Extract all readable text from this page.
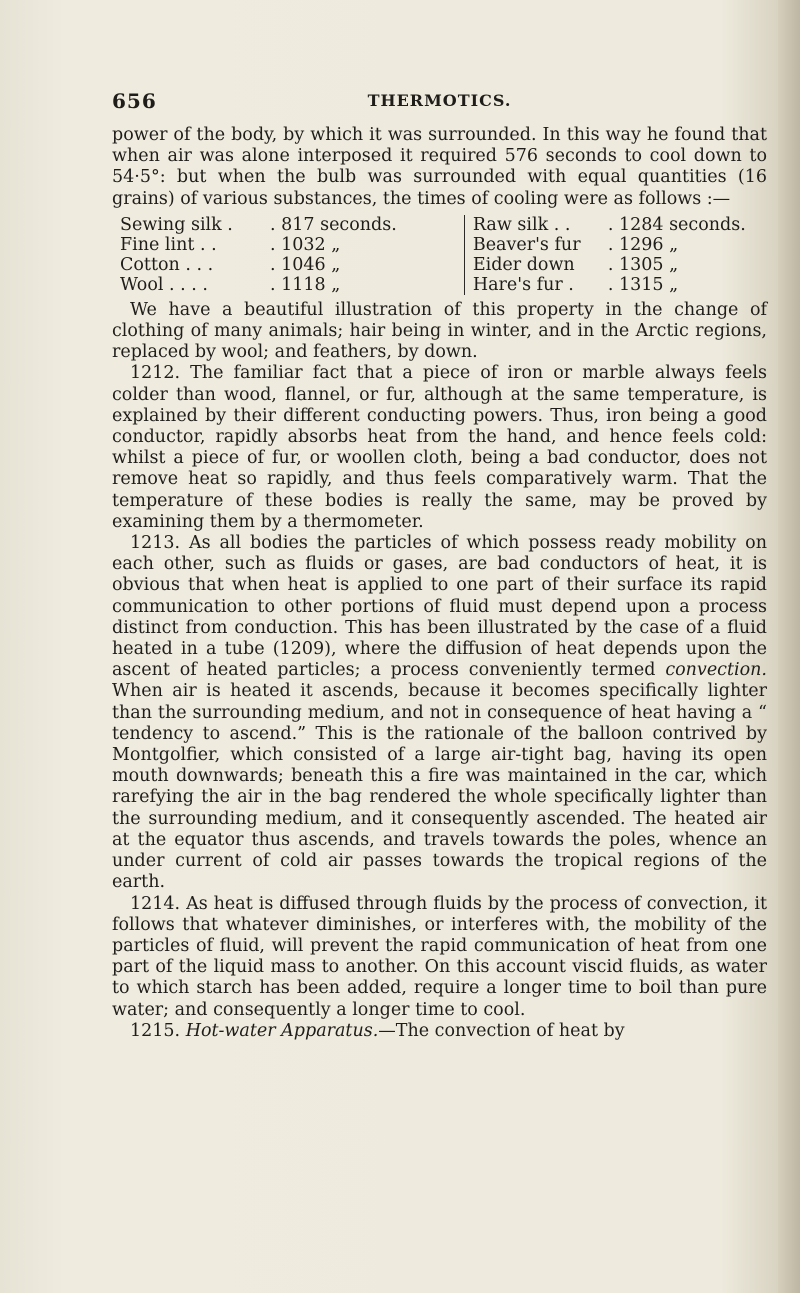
656	THERMOTICS.

power of the body, by which it was surrounded. In this way he found that when air was alone interposed it required 576 seconds to cool down to 54·5°: but when the bulb was surrounded with equal quantities (16 grains) of various substances, the times of cooling were as follows :—

Sewing silk .	. 817 seconds.
Fine lint . .	. 1032 „
Cotton . . .	. 1046 „
Wool . . . .	. 1118 „
Raw silk . .	. 1284 seconds.
Beaver's fur	. 1296 „
Eider down	. 1305 „
Hare's fur .	. 1315 „

We have a beautiful illustration of this property in the change of clothing of many animals; hair being in winter, and in the Arctic regions, replaced by wool; and feathers, by down.

1212. The familiar fact that a piece of iron or marble always feels colder than wood, flannel, or fur, although at the same temperature, is explained by their different conducting powers. Thus, iron being a good conductor, rapidly absorbs heat from the hand, and hence feels cold: whilst a piece of fur, or woollen cloth, being a bad conductor, does not remove heat so rapidly, and thus feels comparatively warm. That the temperature of these bodies is really the same, may be proved by examining them by a thermometer.

1213. As all bodies the particles of which possess ready mobility on each other, such as fluids or gases, are bad conductors of heat, it is obvious that when heat is applied to one part of their surface its rapid communication to other portions of fluid must depend upon a process distinct from conduction. This has been illustrated by the case of a fluid heated in a tube (1209), where the diffusion of heat depends upon the ascent of heated particles; a process conveniently termed convection. When air is heated it ascends, because it becomes specifically lighter than the surrounding medium, and not in consequence of heat having a “ tendency to ascend.” This is the rationale of the balloon contrived by Montgolfier, which consisted of a large air-tight bag, having its open mouth downwards; beneath this a fire was maintained in the car, which rarefying the air in the bag rendered the whole specifically lighter than the surrounding medium, and it consequently ascended. The heated air at the equator thus ascends, and travels towards the poles, whence an under current of cold air passes towards the tropical regions of the earth.

1214. As heat is diffused through fluids by the process of convection, it follows that whatever diminishes, or interferes with, the mobility of the particles of fluid, will prevent the rapid communication of heat from one part of the liquid mass to another. On this account viscid fluids, as water to which starch has been added, require a longer time to boil than pure water; and consequently a longer time to cool.

1215. Hot-water Apparatus.—The convection of heat by
